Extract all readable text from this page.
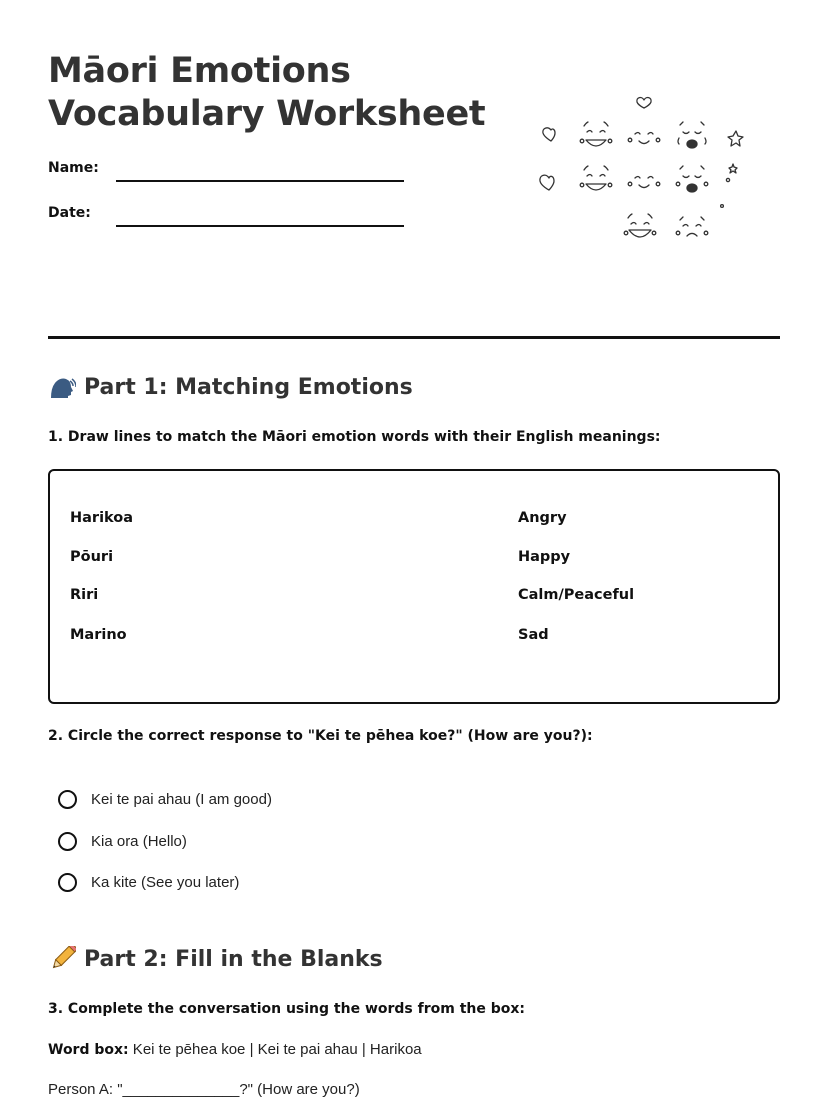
Māori Emotions
Vocabulary Worksheet
Name:
Date:
Part 1: Matching Emotions
1. Draw lines to match the Māori emotion words with their English meanings:
Harikoa
Pōuri
Riri
Marino
Angry
Happy
Calm/Peaceful
Sad
2. Circle the correct response to "Kei te pēhea koe?" (How are you?):
Kei te pai ahau (I am good)
Kia ora (Hello)
Ka kite (See you later)
Part 2: Fill in the Blanks
3. Complete the conversation using the words from the box:
Word box: Kei te pēhea koe | Kei te pai ahau | Harikoa
Person A: "______________?" (How are you?)
